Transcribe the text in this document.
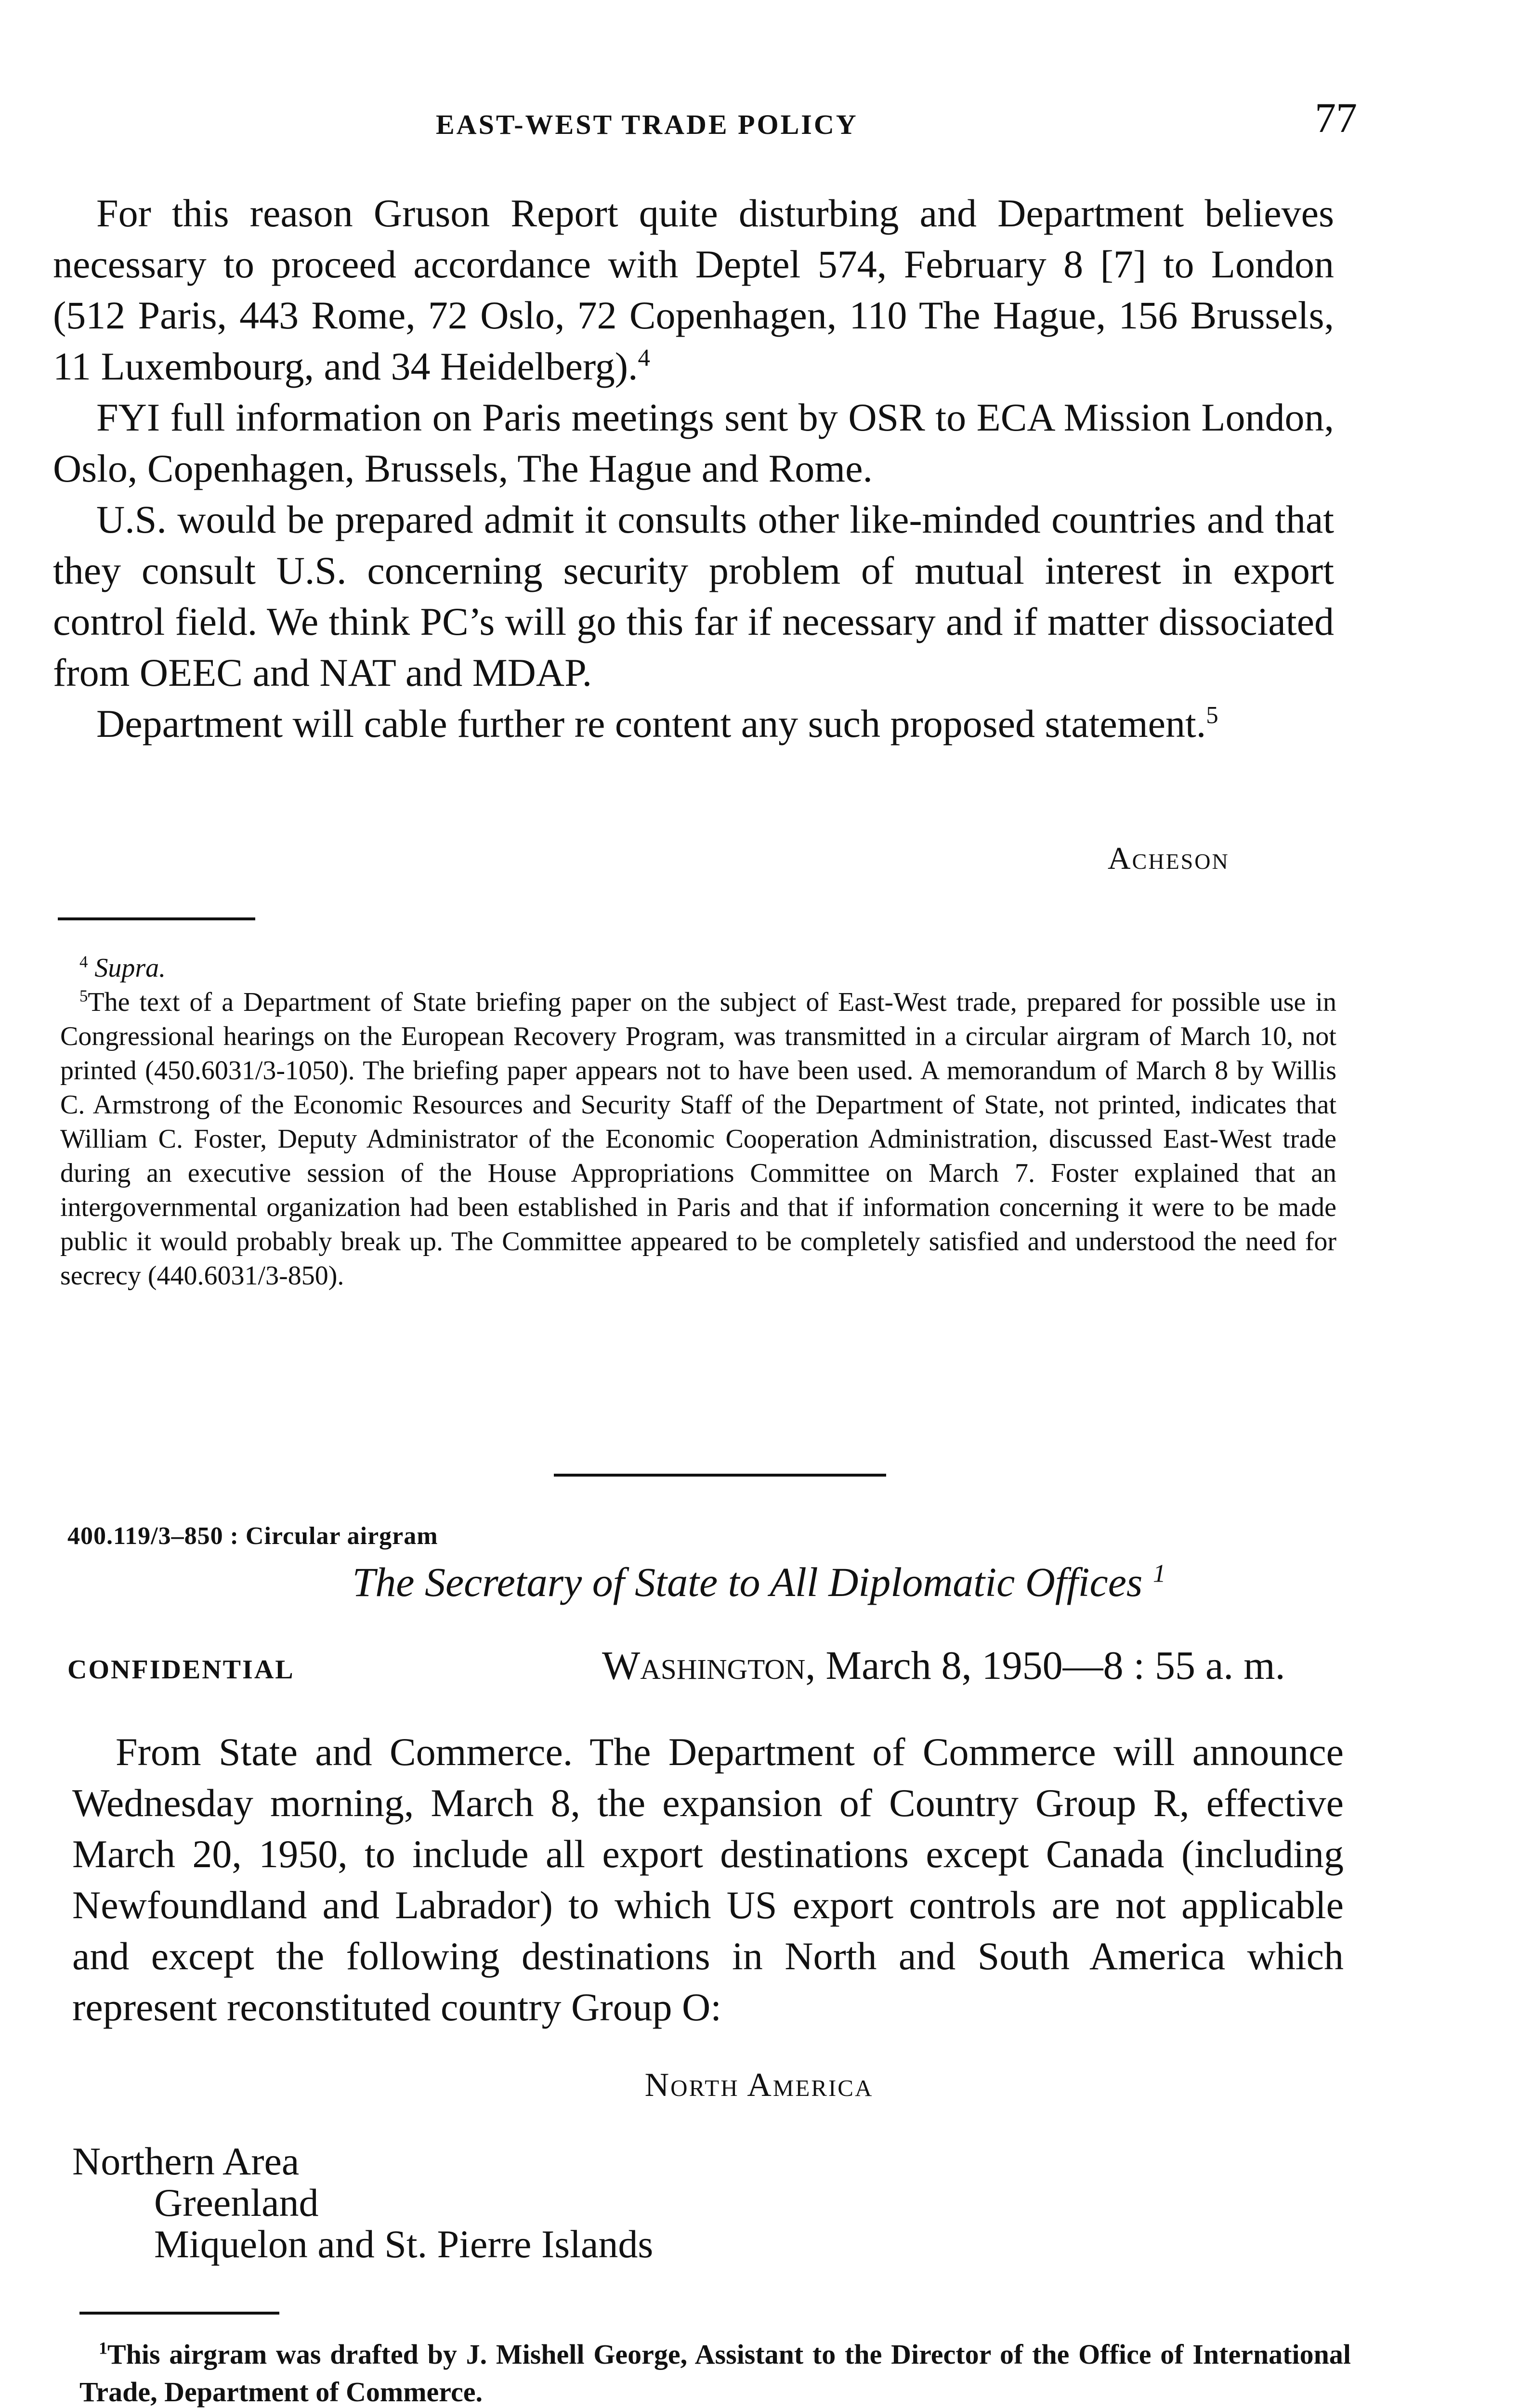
EAST-WEST TRADE POLICY	77

For this reason Gruson Report quite disturbing and Department believes necessary to proceed accordance with Deptel 574, February 8 [7] to London (512 Paris, 443 Rome, 72 Oslo, 72 Copenhagen, 110 The Hague, 156 Brussels, 11 Luxembourg, and 34 Heidelberg).$^4$

FYI full information on Paris meetings sent by OSR to ECA Mission London, Oslo, Copenhagen, Brussels, The Hague and Rome.

U.S. would be prepared admit it consults other like-minded countries and that they consult U.S. concerning security problem of mutual interest in export control field. We think PC’s will go this far if necessary and if matter dissociated from OEEC and NAT and MDAP.

Department will cable further re content any such proposed statement.$^5$

Acheson

$^4$ Supra.

$^5$The text of a Department of State briefing paper on the subject of East-West trade, prepared for possible use in Congressional hearings on the European Recovery Program, was transmitted in a circular airgram of March 10, not printed (450.6031/3-1050). The briefing paper appears not to have been used. A memorandum of March 8 by Willis C. Armstrong of the Economic Resources and Security Staff of the Department of State, not printed, indicates that William C. Foster, Deputy Administrator of the Economic Cooperation Administration, discussed East-West trade during an executive session of the House Appropriations Committee on March 7. Foster explained that an intergovernmental organization had been established in Paris and that if information concerning it were to be made public it would probably break up. The Committee appeared to be completely satisfied and understood the need for secrecy (440.6031/3-850).

400.119/3–850 : Circular airgram
The Secretary of State to All Diplomatic Offices $^1$
CONFIDENTIAL	Washington, March 8, 1950—8 : 55 a. m.

From State and Commerce. The Department of Commerce will announce Wednesday morning, March 8, the expansion of Country Group R, effective March 20, 1950, to include all export destinations except Canada (including Newfoundland and Labrador) to which US export controls are not applicable and except the following destinations in North and South America which represent reconstituted country Group O:

North America
Northern Area
Greenland
Miquelon and St. Pierre Islands

$^1$This airgram was drafted by J. Mishell George, Assistant to the Director of the Office of International Trade, Department of Commerce.
